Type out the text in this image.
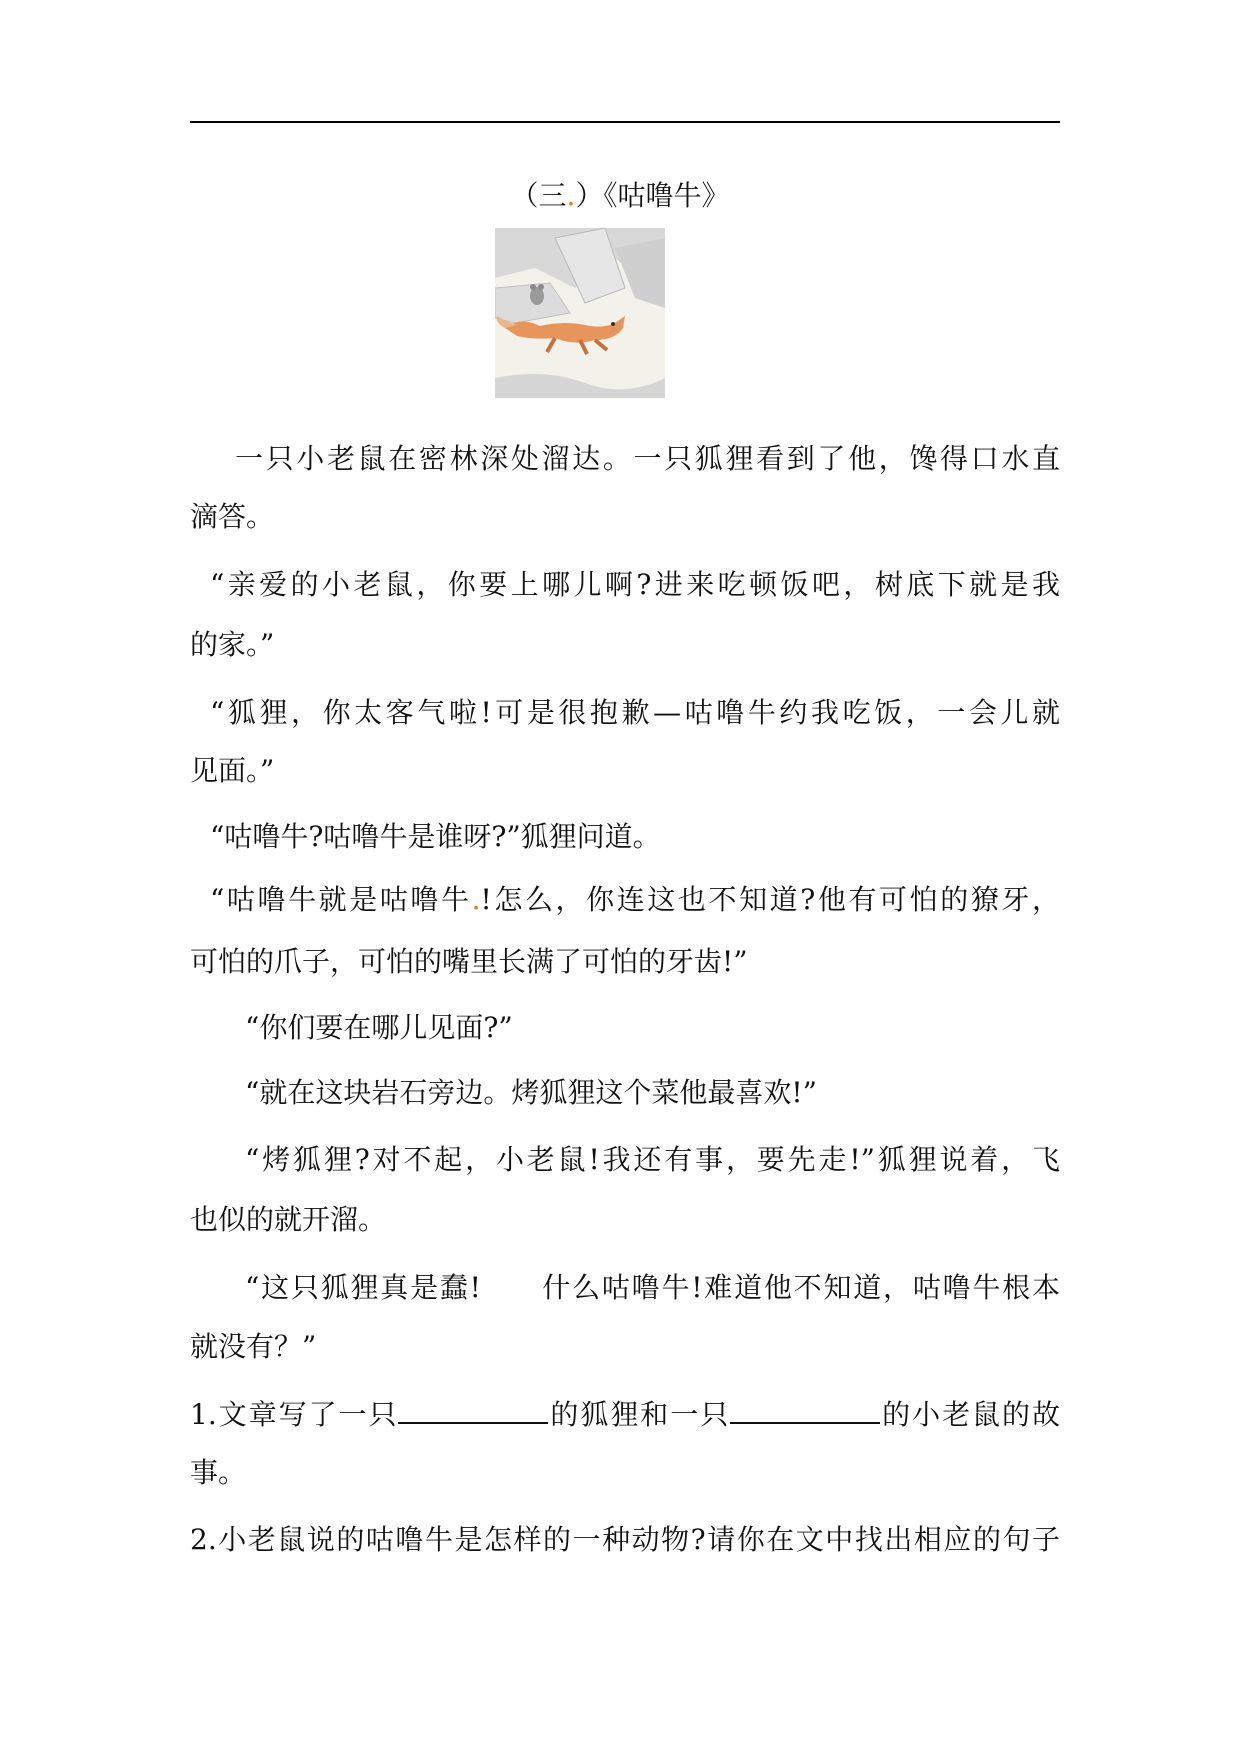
（三.）《咕噜牛》
一只小老鼠在密林深处溜达。一只狐狸看到了他，馋得口水直
滴答。
“亲爱的小老鼠，你要上哪儿啊?进来吃顿饭吧，树底下就是我
的家。”
“狐狸，你太客气啦!可是很抱歉—咕噜牛约我吃饭，一会儿就
见面。”
“咕噜牛?咕噜牛是谁呀?”狐狸问道。
“咕噜牛就是咕噜牛.!怎么，你连这也不知道?他有可怕的獠牙，
可怕的爪子，可怕的嘴里长满了可怕的牙齿!”
“你们要在哪儿见面?”
“就在这块岩石旁边。烤狐狸这个菜他最喜欢!”
“烤狐狸?对不起，小老鼠!我还有事，要先走!”狐狸说着，飞
也似的就开溜。
“这只狐狸真是蠢!　　什么咕噜牛!难道他不知道，咕噜牛根本
就没有？”
1.文章写了一只	的狐狸和一只	的小老鼠的故
事。
2.小老鼠说的咕噜牛是怎样的一种动物?请你在文中找出相应的句子
